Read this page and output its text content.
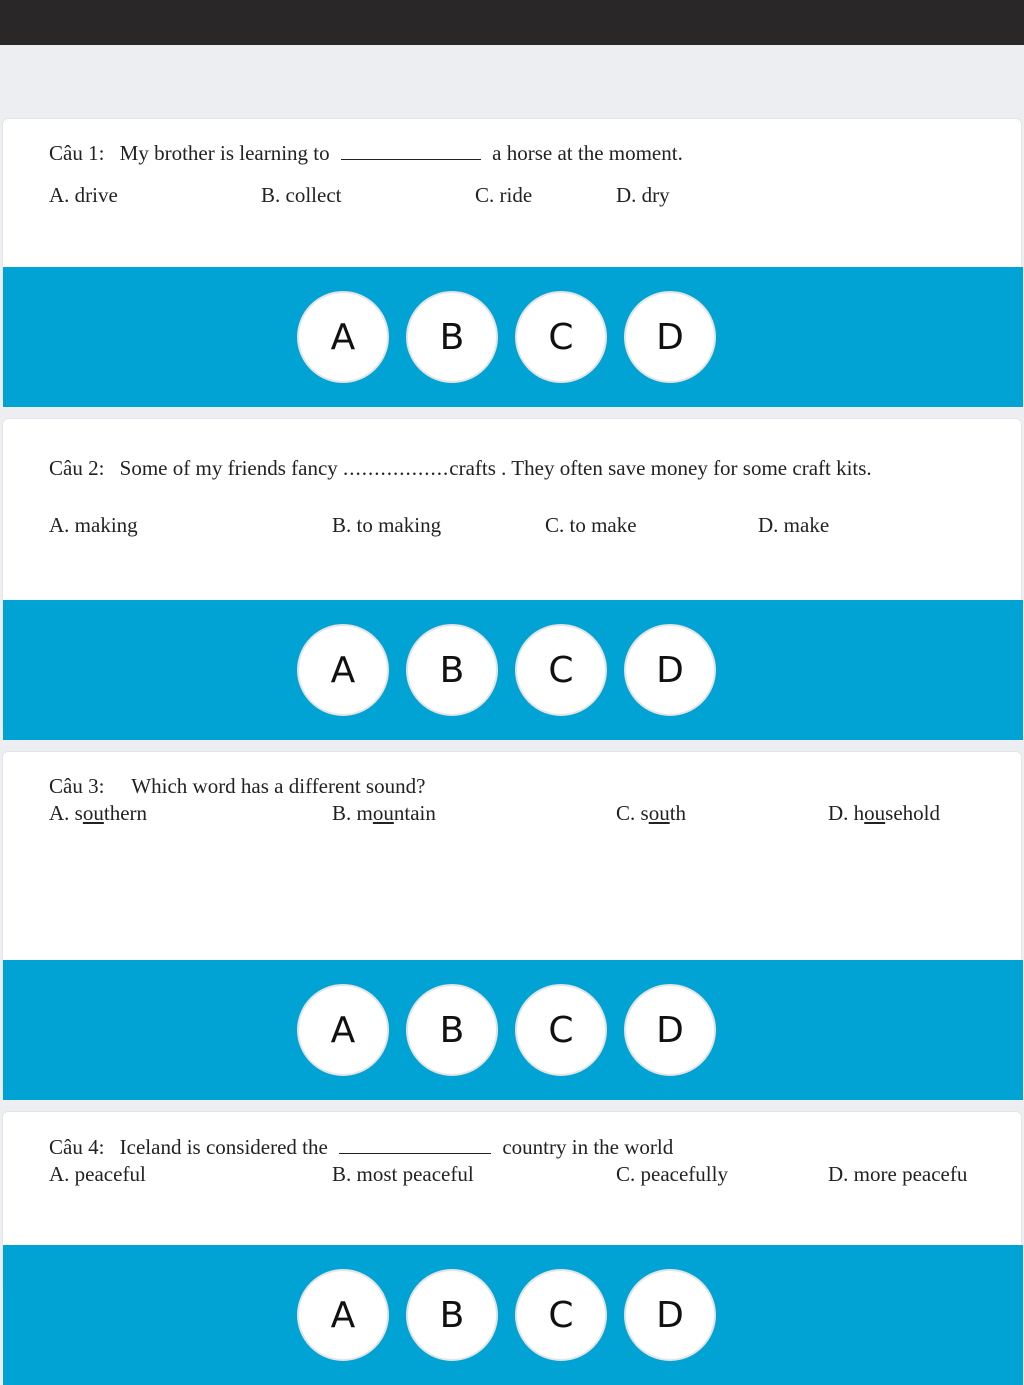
Câu 1: My brother is learning to	a horse at the moment.
A. drive	B. collect	C. ride	D. dry
A	B	C	D
Câu 2: Some of my friends fancy .................crafts . They often save money for some craft kits.
A. making	B. to making	C. to make	D. make
A	B	C	D
Câu 3: Which word has a different sound?
A. southern	B. mountain	C. south	D. household
A	B	C	D
Câu 4: Iceland is considered the	country in the world
A. peaceful	B. most peaceful	C. peacefully	D. more peacefu
A	B	C	D
